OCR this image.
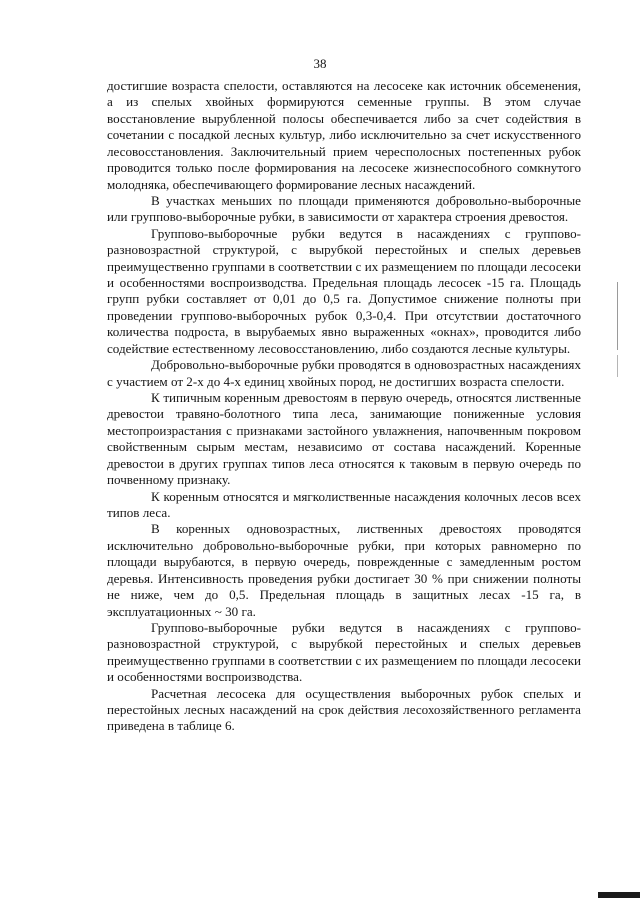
38

достигшие возраста спелости, оставляются на лесосеке как источник обсеменения, а из спелых хвойных формируются семенные группы. В этом случае восстановление вырубленной полосы обеспечивается либо за счет содействия в сочетании с посадкой лесных культур, либо исключительно за счет искусственного лесовосстановления. Заключительный прием чересполосных постепенных рубок проводится только после формирования на лесосеке жизнеспособного сомкнутого молодняка, обеспечивающего формирование лесных насаждений.

В участках меньших по площади применяются добровольно-выборочные или группово-выборочные рубки, в зависимости от характера строения древостоя.

Группово-выборочные рубки ведутся в насаждениях с группово-разновозрастной структурой, с вырубкой перестойных и спелых деревьев преимущественно группами в соответствии с их размещением по площади лесосеки и особенностями воспроизводства. Предельная площадь лесосек -15 га. Площадь групп рубки составляет от 0,01 до 0,5 га. Допустимое снижение полноты при проведении группово-выборочных рубок 0,3-0,4. При отсутствии достаточного количества подроста, в вырубаемых явно выраженных «окнах», проводится либо содействие естественному лесовосстановлению, либо создаются лесные культуры.

Добровольно-выборочные рубки проводятся в одновозрастных насаждениях с участием от 2-х до 4-х единиц хвойных пород, не достигших возраста спелости.

К типичным коренным древостоям в первую очередь, относятся лиственные древостои травяно-болотного типа леса, занимающие пониженные условия местопроизрастания с признаками застойного увлажнения, напочвенным покровом свойственным сырым местам, независимо от состава насаждений. Коренные древостои в других группах типов леса относятся к таковым в первую очередь по почвенному признаку.

К коренным относятся и мягколиственные насаждения колочных лесов всех типов леса.

В коренных одновозрастных, лиственных древостоях проводятся исключительно добровольно-выборочные рубки, при которых равномерно по площади вырубаются, в первую очередь, поврежденные с замедленным ростом деревья. Интенсивность проведения рубки достигает 30 % при снижении полноты не ниже, чем до 0,5. Предельная площадь в защитных лесах -15 га, в эксплуатационных ~ 30 га.

Группово-выборочные рубки ведутся в насаждениях с группово-разновозрастной структурой, с вырубкой перестойных и спелых деревьев преимущественно группами в соответствии с их размещением по площади лесосеки и особенностями воспроизводства.

Расчетная лесосека для осуществления выборочных рубок спелых и перестойных лесных насаждений на срок действия лесохозяйственного регламента приведена в таблице 6.
